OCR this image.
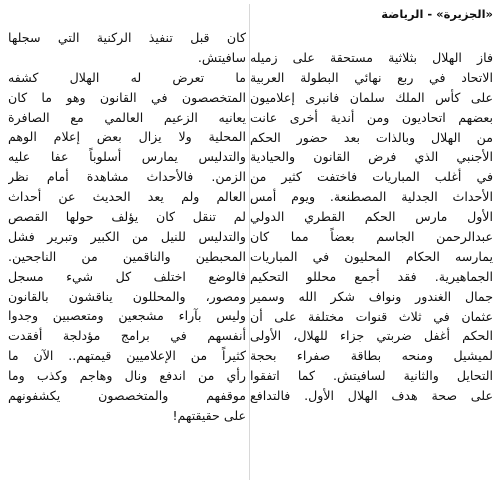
«الجزيرة» - الرياضة
فاز الهلال بثلاثية مستحقة على زميله
الاتحاد في ربع نهائي البطولة العربية
على كأس الملك سلمان فانبرى إعلاميون
بعضهم اتحاديون ومن أندية أخرى عانت
من الهلال وبالذات بعد حضور الحكم
الأجنبي الذي فرض القانون والحيادية
في أغلب المباريات فاختفت كثير من
الأحداث الجدلية المصطنعة. ويوم أمس
الأول مارس الحكم القطري الدولي
عبدالرحمن الجاسم بعضاً مما كان
يمارسه الحكام المحليون في المباريات
الجماهيرية. فقد أجمع محللو التحكيم
جمال الغندور ونواف شكر الله وسمير
عثمان في ثلاث قنوات مختلفة على أن
الحكم أغفل ضربتي جزاء للهلال، الأولى
لميشيل ومنحه بطاقة صفراء بحجة
التحايل والثانية لسافيتش. كما اتفقوا
على صحة هدف الهلال الأول. فالتدافع
كان قبل تنفيذ الركنية التي سجلها
سافيتش.
ما تعرض له الهلال كشفه
المتخصصون في القانون وهو ما كان
يعانيه الزعيم العالمي مع الصافرة
المحلية ولا يزال بعض إعلام الوهم
والتدليس يمارس أسلوباً عفا عليه
الزمن. فالأحداث مشاهدة أمام نظر
العالم ولم يعد الحديث عن أحداث
لم تنقل كان يؤلف حولها القصص
والتدليس للنيل من الكبير وتبرير فشل
المحبطين والناقمين من الناجحين.
فالوضع اختلف كل شيء مسجل
ومصور، والمحللون يناقشون بالقانون
وليس بآراء مشجعين ومتعصبين وجدوا
أنفسهم في برامج مؤدلجة أفقدت
كثيراً من الإعلاميين قيمتهم.. الآن ما
رأي من اندفع ونال وهاجم وكذب وما
موقفهم والمتخصصون يكشفونهم
على حقيقتهم!
